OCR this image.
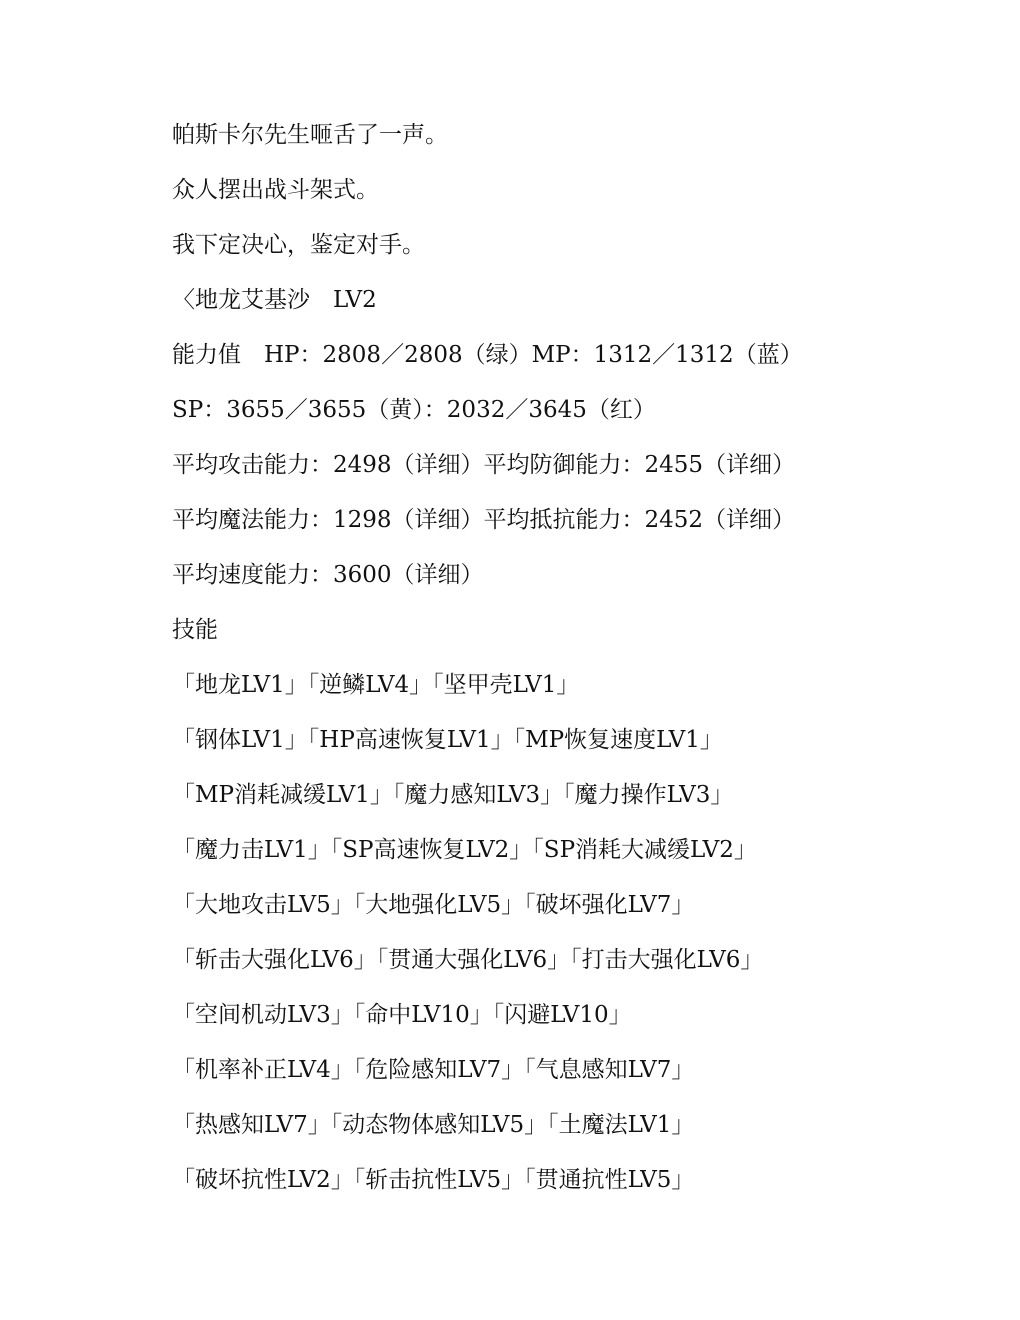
帕斯卡尔先生咂舌了一声。
众人摆出战斗架式。
我下定决心，鉴定对手。
〈地龙艾基沙　LV2
能力值　HP：2808／2808（绿）MP：1312／1312（蓝）
SP：3655／3655（黄）：2032／3645（红）
平均攻击能力：2498（详细）平均防御能力：2455（详细）
平均魔法能力：1298（详细）平均抵抗能力：2452（详细）
平均速度能力：3600（详细）
技能
「地龙LV1」「逆鳞LV4」「坚甲壳LV1」
「钢体LV1」「HP高速恢复LV1」「MP恢复速度LV1」
「MP消耗减缓LV1」「魔力感知LV3」「魔力操作LV3」
「魔力击LV1」「SP高速恢复LV2」「SP消耗大减缓LV2」
「大地攻击LV5」「大地强化LV5」「破坏强化LV7」
「斩击大强化LV6」「贯通大强化LV6」「打击大强化LV6」
「空间机动LV3」「命中LV10」「闪避LV10」
「机率补正LV4」「危险感知LV7」「气息感知LV7」
「热感知LV7」「动态物体感知LV5」「土魔法LV1」
「破坏抗性LV2」「斩击抗性LV5」「贯通抗性LV5」
